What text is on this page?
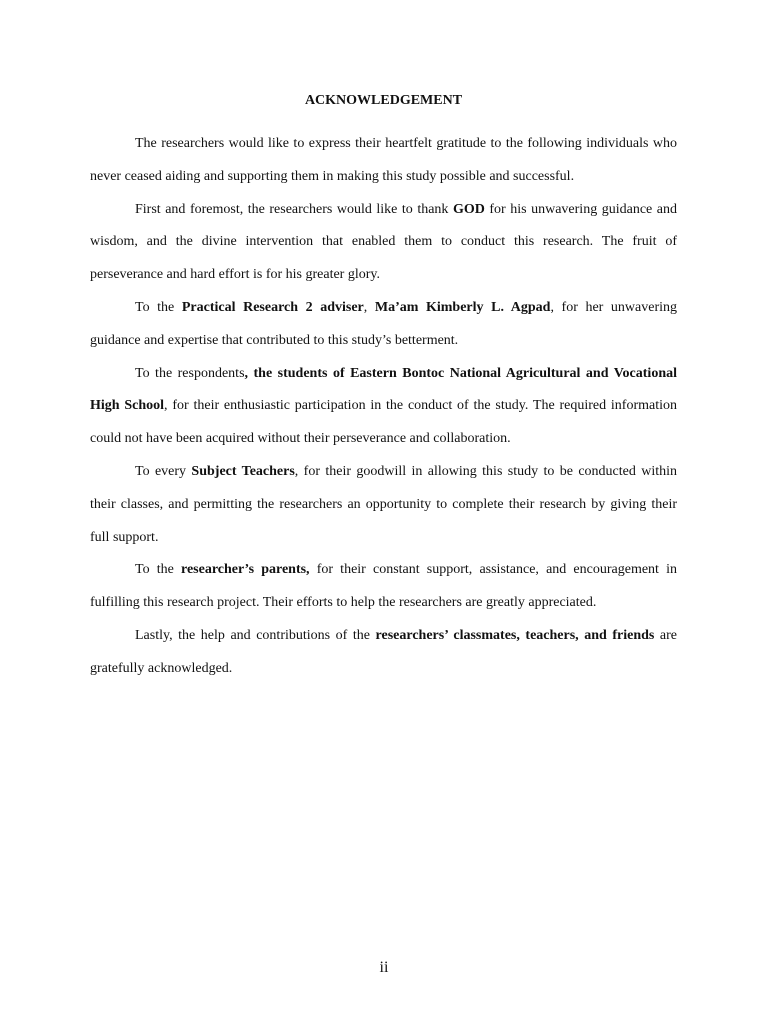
ACKNOWLEDGEMENT

The researchers would like to express their heartfelt gratitude to the following individuals who never ceased aiding and supporting them in making this study possible and successful.

First and foremost, the researchers would like to thank GOD for his unwavering guidance and wisdom, and the divine intervention that enabled them to conduct this research. The fruit of perseverance and hard effort is for his greater glory.

To the Practical Research 2 adviser, Ma’am Kimberly L. Agpad, for her unwavering guidance and expertise that contributed to this study’s betterment.

To the respondents, the students of Eastern Bontoc National Agricultural and Vocational High School, for their enthusiastic participation in the conduct of the study. The required information could not have been acquired without their perseverance and collaboration.

To every Subject Teachers, for their goodwill in allowing this study to be conducted within their classes, and permitting the researchers an opportunity to complete their research by giving their full support.

To the researcher’s parents, for their constant support, assistance, and encouragement in fulfilling this research project. Their efforts to help the researchers are greatly appreciated.

Lastly, the help and contributions of the researchers’ classmates, teachers, and friends are gratefully acknowledged.

ii
